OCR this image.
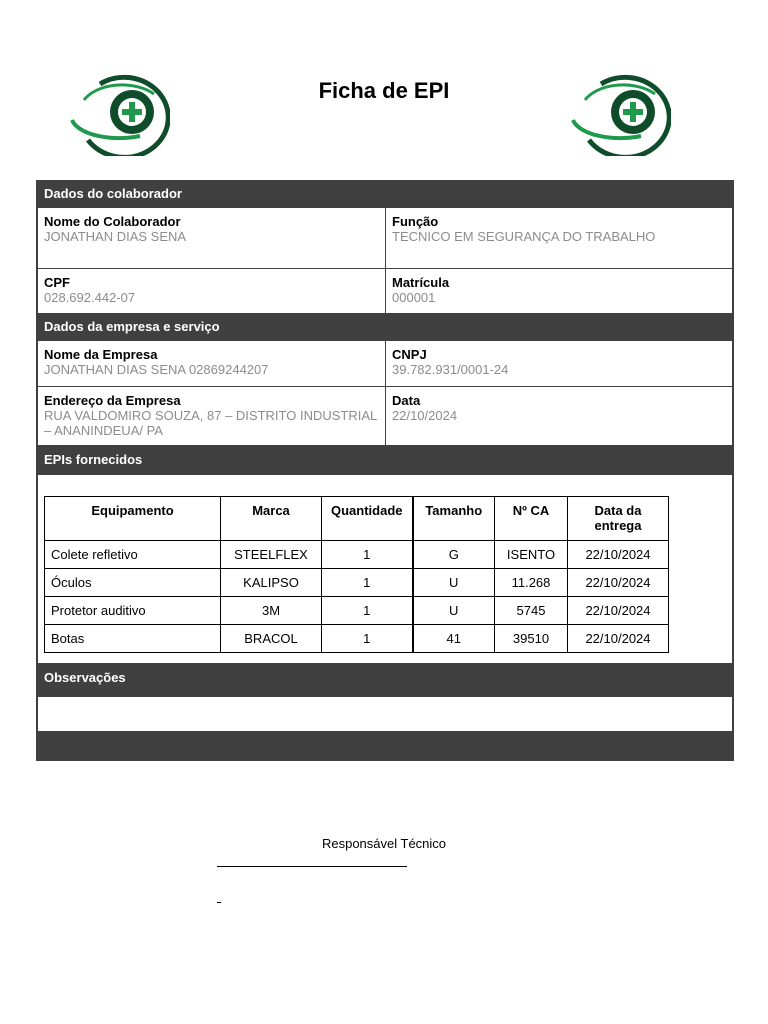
Ficha de EPI
Dados do colaborador
Nome do Colaborador
JONATHAN DIAS SENA
Função
TECNICO EM SEGURANÇA DO TRABALHO
CPF
028.692.442-07
Matrícula
000001
Dados da empresa e serviço
Nome da Empresa
JONATHAN DIAS SENA 02869244207
CNPJ
39.782.931/0001-24
Endereço da Empresa
RUA VALDOMIRO SOUZA, 87 – DISTRITO INDUSTRIAL – ANANINDEUA/ PA
Data
22/10/2024
EPIs fornecidos
Equipamento	Marca	Quantidade	Tamanho	Nº CA	Data da entrega
Colete refletivo	STEELFLEX	1	G	ISENTO	22/10/2024
Óculos	KALIPSO	1	U	11.268	22/10/2024
Protetor auditivo	3M	1	U	5745	22/10/2024
Botas	BRACOL	1	41	39510	22/10/2024
Observações
Responsável Técnico
